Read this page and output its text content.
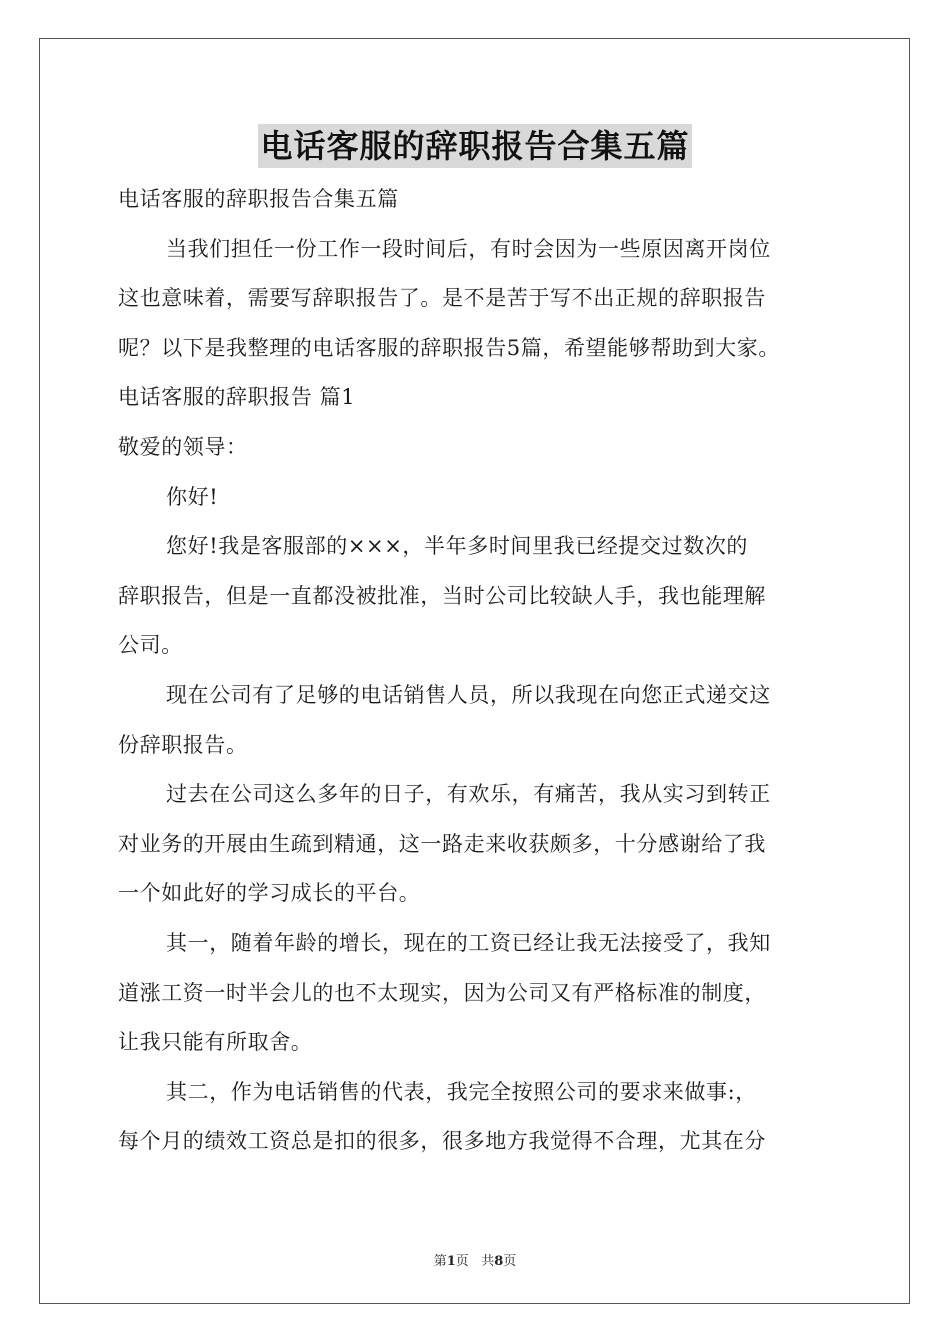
电话客服的辞职报告合集五篇
电话客服的辞职报告合集五篇
当我们担任一份工作一段时间后，有时会因为一些原因离开岗位
这也意味着，需要写辞职报告了。是不是苦于写不出正规的辞职报告
呢？以下是我整理的电话客服的辞职报告5篇，希望能够帮助到大家。
电话客服的辞职报告 篇1
敬爱的领导：
你好!
您好!我是客服部的×××，半年多时间里我已经提交过数次的
辞职报告，但是一直都没被批准，当时公司比较缺人手，我也能理解
公司。
现在公司有了足够的电话销售人员，所以我现在向您正式递交这
份辞职报告。
过去在公司这么多年的日子，有欢乐，有痛苦，我从实习到转正
对业务的开展由生疏到精通，这一路走来收获颇多，十分感谢给了我
一个如此好的学习成长的平台。
其一，随着年龄的增长，现在的工资已经让我无法接受了，我知
道涨工资一时半会儿的也不太现实，因为公司又有严格标准的制度，
让我只能有所取舍。
其二，作为电话销售的代表，我完全按照公司的要求来做事:，
每个月的绩效工资总是扣的很多，很多地方我觉得不合理，尤其在分
第1页 共8页
